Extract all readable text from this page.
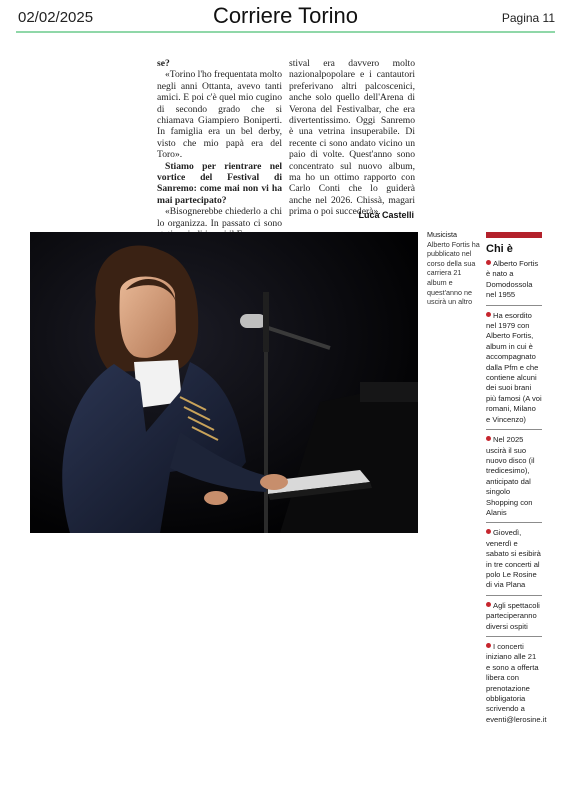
02/02/2025	Corriere Torino	Pagina 11

se?

«Torino l'ho frequentata molto negli anni Ottanta, avevo tanti amici. E poi c'è quel mio cugino di secondo grado che si chiamava Giampiero Boniperti. In famiglia era un bel derby, visto che mio papà era del Toro».

Stiamo per rientrare nel vortice del Festival di Sanremo: come mai non vi ha mai partecipato?

«Bisognerebbe chiederlo a chi lo organizza. In passato ci sono

stival era davvero molto nazionalpopolare e i cantautori preferivano altri palcoscenici, anche solo quello dell'Arena di Verona del Festivalbar, che era divertentissimo. Oggi Sanremo è una vetrina insuperabile. Di recente ci sono andato vicino un paio di volte. Quest'anno sono concentrato sul nuovo album, ma ho un ottimo rapporto con Carlo Conti che lo guiderà anche nel 2026. Chissà, magari prima o poi succederà».

Luca Castelli
Musicista
Alberto Fortis ha pubblicato nel corso della sua carriera 21 album e quest'anno ne uscirà un altro
Chi è
Alberto Fortis è nato a Domodossola nel 1955
Ha esordito nel 1979 con Alberto Fortis, album in cui è accompagnato dalla Pfm e che contiene alcuni dei suoi brani più famosi (A voi romani, Milano e Vincenzo)
Nel 2025 uscirà il suo nuovo disco (il tredicesimo), anticipato dal singolo Shopping con Alanis
Giovedì, venerdì e sabato si esibirà in tre concerti al polo Le Rosine di via Plana
Agli spettacoli parteciperanno diversi ospiti
I concerti iniziano alle 21 e sono a offerta libera con prenotazione obbligatoria scrivendo a eventi@lerosine.it
